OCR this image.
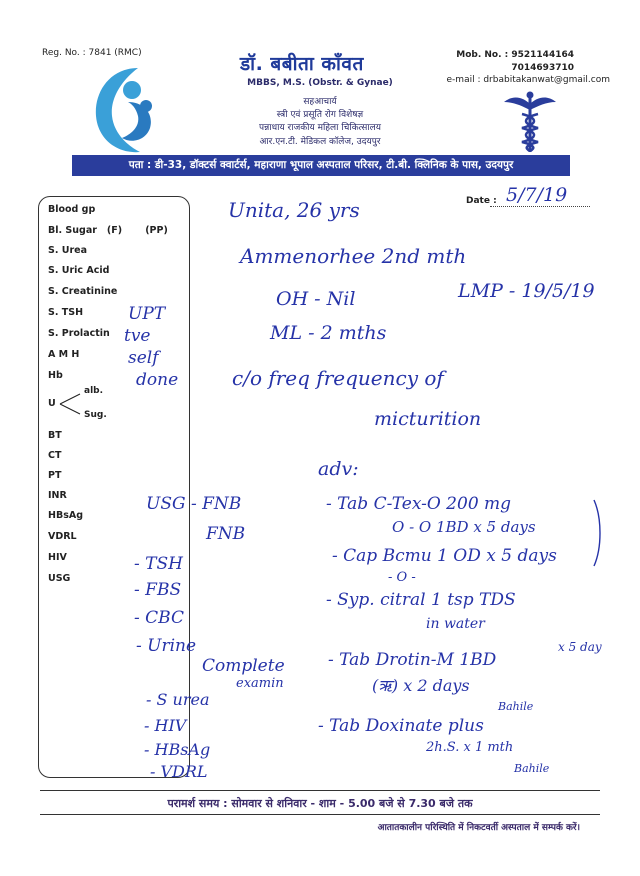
Reg. No. : 7841 (RMC)	डॉ. बबीता काँवत
MBBS, M.S. (Obstr. & Gynae)
सहआचार्य
स्त्री एवं प्रसूति रोग विशेषज्ञ
पन्नाधाय राजकीय महिला चिकित्सालय
आर.एन.टी. मेडिकल कॉलेज, उदयपुर
Mob. No. : 9521144164
7014693710
e-mail : drbabitakanwat@gmail.com
पता : डी-33, डॉक्टर्स क्वार्टर्स, महाराणा भूपाल अस्पताल परिसर, टी.बी. क्लिनिक के पास, उदयपुर
Date : 5/7/19
Blood gp
Bl. Sugar (F) (PP)
S. Urea
S. Uric Acid
S. Creatinine
S. TSH
S. Prolactin
A M H
Hb
U
alb.
Sug.
BT
CT
PT
INR
HBsAg
VDRL
HIV
USG
Unita, 26 yrs
Ammenorhee 2nd mth
OH - Nil	LMP - 19/5/19
ML - 2 mths
UPT
tve
self
done	c/o freq frequency of
micturition
adv:
USG - FNB
FNB
- TSH
- FBS
- CBC
- Urine
Complete
examin
- S urea
- HIV
- HBsAg
- VDRL
- Tab C-Tex-O 200 mg
O - O 1BD x 5 days
- Cap Bcmu 1 OD x 5 days
- O -
- Syp. citral 1 tsp TDS
in water
- Tab Drotin-M 1BD
x 5 day
(ऋ) x 2 days
Bahile
- Tab Doxinate plus
2h.S. x 1 mth
Bahile
परामर्श समय : सोमवार से शनिवार - शाम - 5.00 बजे से 7.30 बजे तक
आतातकालीन परिस्थिति में निकटवर्ती अस्पताल में सम्पर्क करें।
